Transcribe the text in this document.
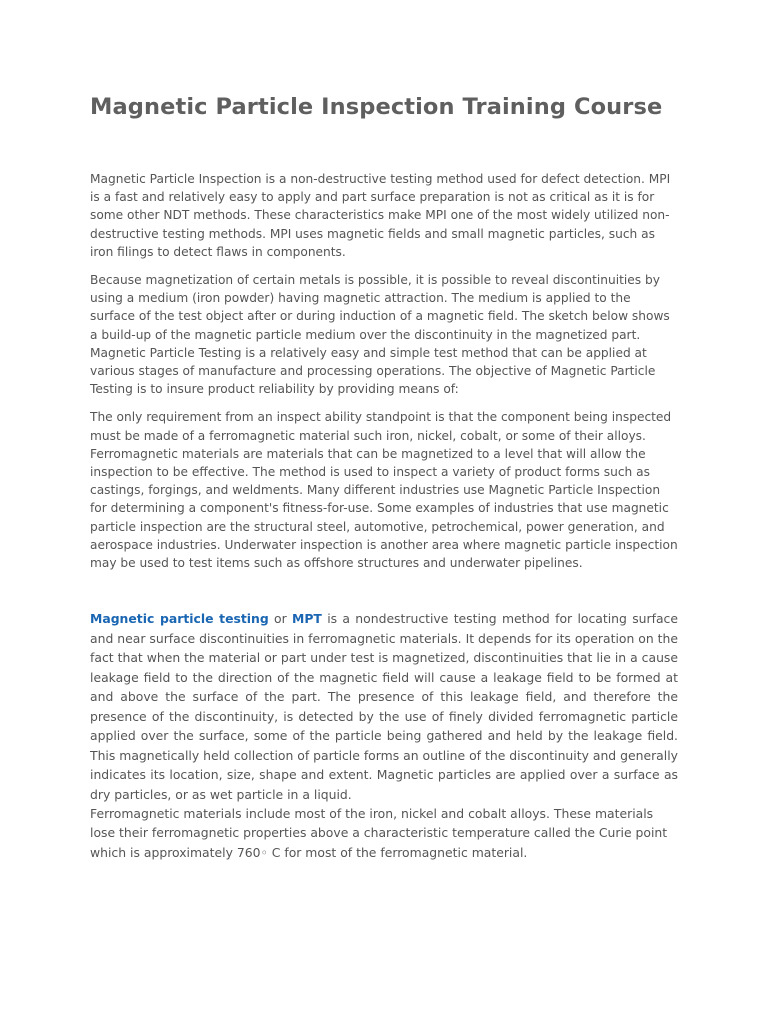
Magnetic Particle Inspection Training Course

Magnetic Particle Inspection is a non-destructive testing method used for defect detection. MPI is a fast and relatively easy to apply and part surface preparation is not as critical as it is for some other NDT methods. These characteristics make MPI one of the most widely utilized non-destructive testing methods. MPI uses magnetic fields and small magnetic particles, such as iron filings to detect flaws in components.

Because magnetization of certain metals is possible, it is possible to reveal discontinuities by using a medium (iron powder) having magnetic attraction. The medium is applied to the surface of the test object after or during induction of a magnetic field. The sketch below shows a build-up of the magnetic particle medium over the discontinuity in the magnetized part. Magnetic Particle Testing is a relatively easy and simple test method that can be applied at various stages of manufacture and processing operations. The objective of Magnetic Particle Testing is to insure product reliability by providing means of:

The only requirement from an inspect ability standpoint is that the component being inspected must be made of a ferromagnetic material such iron, nickel, cobalt, or some of their alloys. Ferromagnetic materials are materials that can be magnetized to a level that will allow the inspection to be effective. The method is used to inspect a variety of product forms such as castings, forgings, and weldments. Many different industries use Magnetic Particle Inspection for determining a component's fitness-for-use. Some examples of industries that use magnetic particle inspection are the structural steel, automotive, petrochemical, power generation, and aerospace industries. Underwater inspection is another area where magnetic particle inspection may be used to test items such as offshore structures and underwater pipelines.

Magnetic particle testing or MPT is a nondestructive testing method for locating surface and near surface discontinuities in ferromagnetic materials. It depends for its operation on the fact that when the material or part under test is magnetized, discontinuities that lie in a cause leakage field to the direction of the magnetic field will cause a leakage field to be formed at and above the surface of the part. The presence of this leakage field, and therefore the presence of the discontinuity, is detected by the use of finely divided ferromagnetic particle applied over the surface, some of the particle being gathered and held by the leakage field. This magnetically held collection of particle forms an outline of the discontinuity and generally indicates its location, size, shape and extent. Magnetic particles are applied over a surface as dry particles, or as wet particle in a liquid.

Ferromagnetic materials include most of the iron, nickel and cobalt alloys. These materials lose their ferromagnetic properties above a characteristic temperature called the Curie point which is approximately 760◦ C for most of the ferromagnetic material.
